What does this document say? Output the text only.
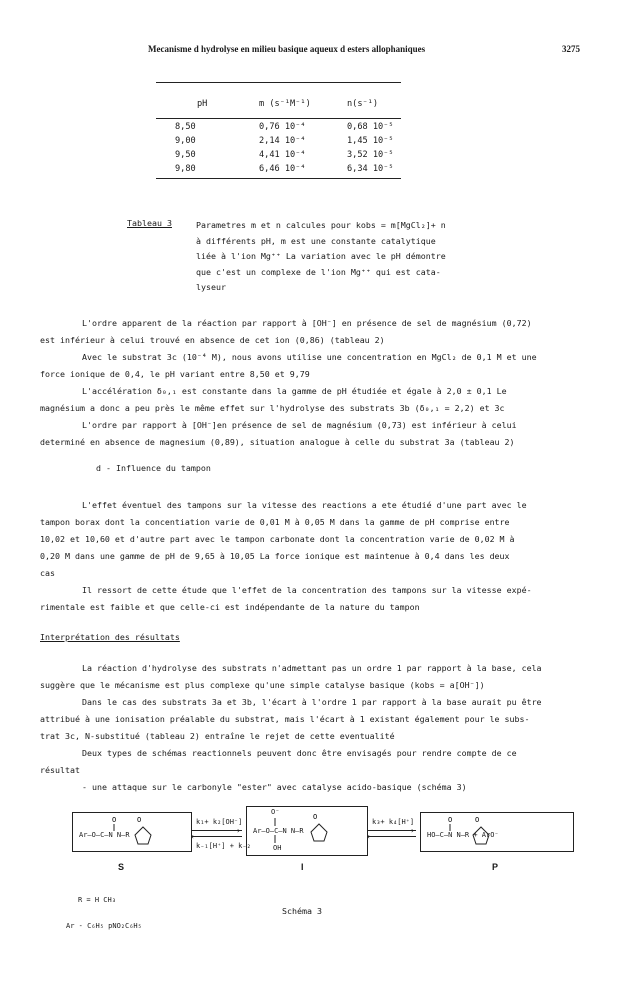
Mecanisme d hydrolyse en milieu basique aqueux d esters allophaniques	3275
pH	m (s⁻¹M⁻¹)	n(s⁻¹)

8,50	0,76 10⁻⁴	0,68 10⁻⁵
9,00	2,14 10⁻⁴	1,45 10⁻⁵
9,50	4,41 10⁻⁴	3,52 10⁻⁵
9,80	6,46 10⁻⁴	6,34 10⁻⁵
Tableau 3	Parametres m et n calcules pour kobs = m[MgCl₂]+ n
à différents pH, m est une constante catalytique
liée à l'ion Mg⁺⁺ La variation avec le pH démontre
que c'est un complexe de l'ion Mg⁺⁺ qui est cata-
lyseur
L'ordre apparent de la réaction par rapport à [OH⁻] en présence de sel de magnésium (0,72)
est inférieur à celui trouvé en absence de cet ion (0,86) (tableau 2)
Avec le substrat 3c (10⁻⁴ M), nous avons utilise une concentration en MgCl₂ de 0,1 M et une
force ionique de 0,4, le pH variant entre 8,50 et 9,79
L'accélération δ₀,₁ est constante dans la gamme de pH étudiée et égale à 2,0 ± 0,1 Le
magnésium a donc a peu près le même effet sur l'hydrolyse des substrats 3b (δ₀,₁ = 2,2) et 3c
L'ordre par rapport à [OH⁻]en présence de sel de magnésium (0,73) est inférieur à celui
determiné en absence de magnesium (0,89), situation analogue à celle du substrat 3a (tableau 2)
d - Influence du tampon
L'effet éventuel des tampons sur la vitesse des reactions a ete étudié d'une part avec le
tampon borax dont la concentiation varie de 0,01 M à 0,05 M dans la gamme de pH comprise entre
10,02 et 10,60 et d'autre part avec le tampon carbonate dont la concentration varie de 0,02 M à
0,20 M dans une gamme de pH de 9,65 à 10,05 La force ionique est maintenue à 0,4 dans les deux
cas
Il ressort de cette étude que l'effet de la concentration des tampons sur la vitesse expé-
rimentale est faible et que celle-ci est indépendante de la nature du tampon
Interprétation des résultats
La réaction d'hydrolyse des substrats n'admettant pas un ordre 1 par rapport à la base, cela
suggère que le mécanisme est plus complexe qu'une simple catalyse basique (kobs = a[OH⁻])
Dans le cas des substrats 3a et 3b, l'écart à l'ordre 1 par rapport à la base aurait pu être
attribué à une ionisation préalable du substrat, mais l'écart à 1 existant également pour le subs-
trat 3c, N-substitué (tableau 2) entraîne le rejet de cette eventualité
Deux types de schémas reactionnels peuvent donc être envisagés pour rendre compte de ce
résultat
- une attaque sur le carbonyle "ester" avec catalyse acido-basique (schéma 3)
Ar—O—C—N N—R
O	O	k₁+ k₂[OH⁻]
›
‹
k₋₁[H⁺] + k₋₂
O⁻
Ar—O—C—N N—R
OH
O
k₃+ k₄[H⁺]
›
‹	HO—C—N N—R + ArO⁻
O	O
S	I	P
R = H CH₃
Schéma 3
Ar - C₆H₅ pNO₂C₆H₅
